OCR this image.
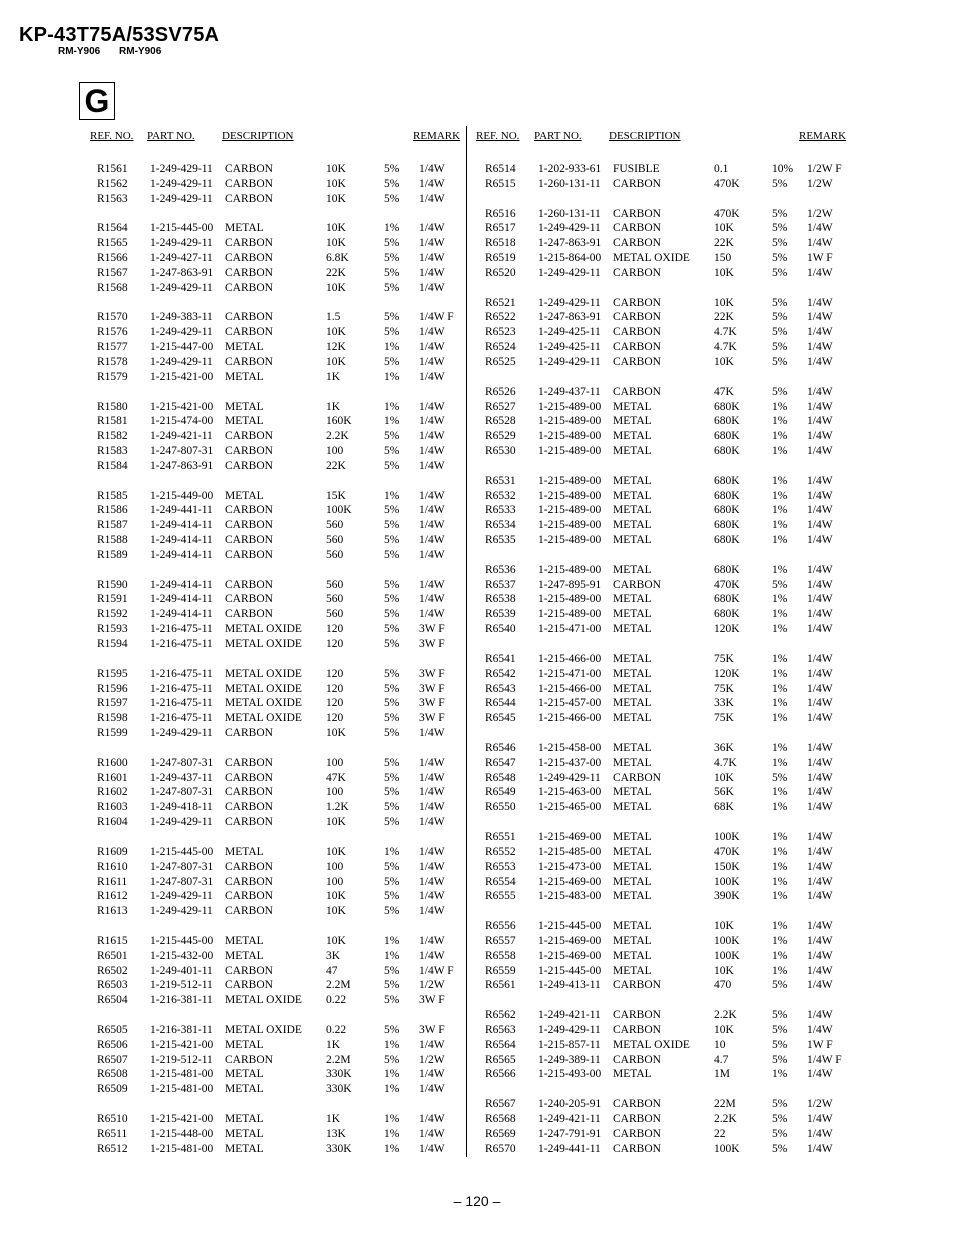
KP-43T75A/53SV75A
RM-Y906 RM-Y906
G
REF. NO. PART NO. DESCRIPTION	REMARK REF. NO. PART NO. DESCRIPTION	REMARK
R1561 1-249-429-11 CARBON	10K	5% 1/4W
R1562 1-249-429-11 CARBON	10K	5% 1/4W
R1563 1-249-429-11 CARBON	10K	5% 1/4W
R1564 1-215-445-00 METAL	10K	1% 1/4W
R1565 1-249-429-11 CARBON	10K	5% 1/4W
R1566 1-249-427-11 CARBON	6.8K	5% 1/4W
R1567 1-247-863-91 CARBON	22K	5% 1/4W
R1568 1-249-429-11 CARBON	10K	5% 1/4W
R1570 1-249-383-11 CARBON	1.5	5% 1/4W F
R1576 1-249-429-11 CARBON	10K	5% 1/4W
R1577 1-215-447-00 METAL	12K	1% 1/4W
R1578 1-249-429-11 CARBON	10K	5% 1/4W
R1579 1-215-421-00 METAL	1K	1% 1/4W
R1580 1-215-421-00 METAL	1K	1% 1/4W
R1581 1-215-474-00 METAL	160K	1% 1/4W
R1582 1-249-421-11 CARBON	2.2K	5% 1/4W
R1583 1-247-807-31 CARBON	100	5% 1/4W
R1584 1-247-863-91 CARBON	22K	5% 1/4W
R1585 1-215-449-00 METAL	15K	1% 1/4W
R1586 1-249-441-11 CARBON	100K	5% 1/4W
R1587 1-249-414-11 CARBON	560	5% 1/4W
R1588 1-249-414-11 CARBON	560	5% 1/4W
R1589 1-249-414-11 CARBON	560	5% 1/4W
R1590 1-249-414-11 CARBON	560	5% 1/4W
R1591 1-249-414-11 CARBON	560	5% 1/4W
R1592 1-249-414-11 CARBON	560	5% 1/4W
R1593 1-216-475-11 METAL OXIDE 120	5% 3W F
R1594 1-216-475-11 METAL OXIDE 120	5% 3W F
R1595 1-216-475-11 METAL OXIDE 120	5% 3W F
R1596 1-216-475-11 METAL OXIDE 120	5% 3W F
R1597 1-216-475-11 METAL OXIDE 120	5% 3W F
R1598 1-216-475-11 METAL OXIDE 120	5% 3W F
R1599 1-249-429-11 CARBON	10K	5% 1/4W
R1600 1-247-807-31 CARBON	100	5% 1/4W
R1601 1-249-437-11 CARBON	47K	5% 1/4W
R1602 1-247-807-31 CARBON	100	5% 1/4W
R1603 1-249-418-11 CARBON	1.2K	5% 1/4W
R1604 1-249-429-11 CARBON	10K	5% 1/4W
R1609 1-215-445-00 METAL	10K	1% 1/4W
R1610 1-247-807-31 CARBON	100	5% 1/4W
R1611 1-247-807-31 CARBON	100	5% 1/4W
R1612 1-249-429-11 CARBON	10K	5% 1/4W
R1613 1-249-429-11 CARBON	10K	5% 1/4W
R1615 1-215-445-00 METAL	10K	1% 1/4W
R6501 1-215-432-00 METAL	3K	1% 1/4W
R6502 1-249-401-11 CARBON	47	5% 1/4W F
R6503 1-219-512-11 CARBON	2.2M	5% 1/2W
R6504 1-216-381-11 METAL OXIDE 0.22	5% 3W F
R6505 1-216-381-11 METAL OXIDE 0.22	5% 3W F
R6506 1-215-421-00 METAL	1K	1% 1/4W
R6507 1-219-512-11 CARBON	2.2M	5% 1/2W
R6508 1-215-481-00 METAL	330K	1% 1/4W
R6509 1-215-481-00 METAL	330K	1% 1/4W
R6510 1-215-421-00 METAL	1K	1% 1/4W
R6511 1-215-448-00 METAL	13K	1% 1/4W
R6512 1-215-481-00 METAL	330K	1% 1/4W
R6514 1-202-933-61 FUSIBLE	0.1	10% 1/2W F
R6515 1-260-131-11 CARBON	470K	5% 1/2W
R6516 1-260-131-11 CARBON	470K	5% 1/2W
R6517 1-249-429-11 CARBON	10K	5% 1/4W
R6518 1-247-863-91 CARBON	22K	5% 1/4W
R6519 1-215-864-00 METAL OXIDE 150	5% 1W F
R6520 1-249-429-11 CARBON	10K	5% 1/4W
R6521 1-249-429-11 CARBON	10K	5% 1/4W
R6522 1-247-863-91 CARBON	22K	5% 1/4W
R6523 1-249-425-11 CARBON	4.7K	5% 1/4W
R6524 1-249-425-11 CARBON	4.7K	5% 1/4W
R6525 1-249-429-11 CARBON	10K	5% 1/4W
R6526 1-249-437-11 CARBON	47K	5% 1/4W
R6527 1-215-489-00 METAL	680K	1% 1/4W
R6528 1-215-489-00 METAL	680K	1% 1/4W
R6529 1-215-489-00 METAL	680K	1% 1/4W
R6530 1-215-489-00 METAL	680K	1% 1/4W
R6531 1-215-489-00 METAL	680K	1% 1/4W
R6532 1-215-489-00 METAL	680K	1% 1/4W
R6533 1-215-489-00 METAL	680K	1% 1/4W
R6534 1-215-489-00 METAL	680K	1% 1/4W
R6535 1-215-489-00 METAL	680K	1% 1/4W
R6536 1-215-489-00 METAL	680K	1% 1/4W
R6537 1-247-895-91 CARBON	470K	5% 1/4W
R6538 1-215-489-00 METAL	680K	1% 1/4W
R6539 1-215-489-00 METAL	680K	1% 1/4W
R6540 1-215-471-00 METAL	120K	1% 1/4W
R6541 1-215-466-00 METAL	75K	1% 1/4W
R6542 1-215-471-00 METAL	120K	1% 1/4W
R6543 1-215-466-00 METAL	75K	1% 1/4W
R6544 1-215-457-00 METAL	33K	1% 1/4W
R6545 1-215-466-00 METAL	75K	1% 1/4W
R6546 1-215-458-00 METAL	36K	1% 1/4W
R6547 1-215-437-00 METAL	4.7K	1% 1/4W
R6548 1-249-429-11 CARBON	10K	5% 1/4W
R6549 1-215-463-00 METAL	56K	1% 1/4W
R6550 1-215-465-00 METAL	68K	1% 1/4W
R6551 1-215-469-00 METAL	100K	1% 1/4W
R6552 1-215-485-00 METAL	470K	1% 1/4W
R6553 1-215-473-00 METAL	150K	1% 1/4W
R6554 1-215-469-00 METAL	100K	1% 1/4W
R6555 1-215-483-00 METAL	390K	1% 1/4W
R6556 1-215-445-00 METAL	10K	1% 1/4W
R6557 1-215-469-00 METAL	100K	1% 1/4W
R6558 1-215-469-00 METAL	100K	1% 1/4W
R6559 1-215-445-00 METAL	10K	1% 1/4W
R6561 1-249-413-11 CARBON	470	5% 1/4W
R6562 1-249-421-11 CARBON	2.2K	5% 1/4W
R6563 1-249-429-11 CARBON	10K	5% 1/4W
R6564 1-215-857-11 METAL OXIDE 10	5% 1W F
R6565 1-249-389-11 CARBON	4.7	5% 1/4W F
R6566 1-215-493-00 METAL	1M	1% 1/4W
R6567 1-240-205-91 CARBON	22M	5% 1/2W
R6568 1-249-421-11 CARBON	2.2K	5% 1/4W
R6569 1-247-791-91 CARBON	22	5% 1/4W
R6570 1-249-441-11 CARBON	100K	5% 1/4W
– 120 –
